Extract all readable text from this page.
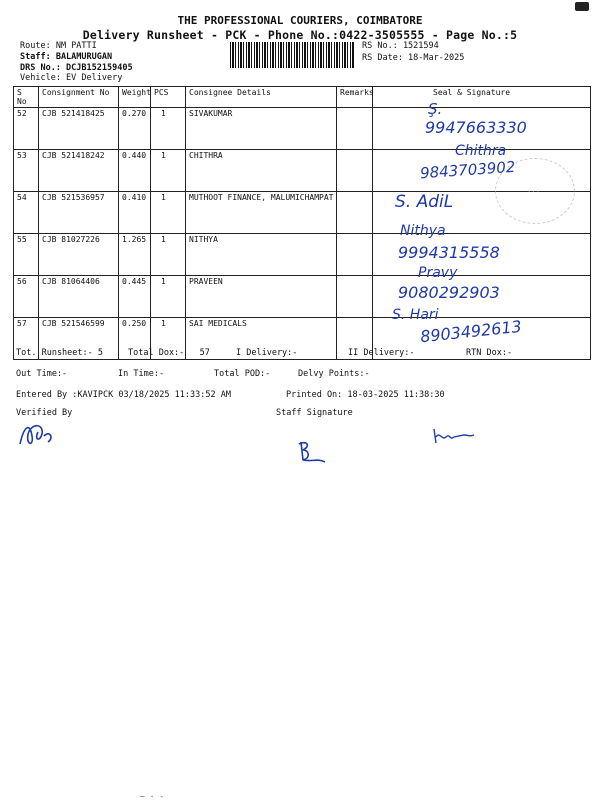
THE PROFESSIONAL COURIERS, COIMBATORE
Delivery Runsheet - PCK - Phone No.:0422-3505555 - Page No.:5
Route: NM PATTI
Staff: BALAMURUGAN
DRS No.: DCJB152159405
Vehicle: EV Delivery
RS No.: 1521594
RS Date: 18-Mar-2025
S No	Consignment No	Weight	PCS	Consignee Details	Remarks	Seal & Signature
52	CJB 521418425	0.270	1	SIVAKUMAR		
53	CJB 521418242	0.440	1	CHITHRA		
54	CJB 521536957	0.410	1	MUTHOOT FINANCE, MALUMICHAMPAT		
55	CJB 81027226	1.265	1	NITHYA		
56	CJB 81064406	0.445	1	PRAVEEN		
57	CJB 521546599	0.250	1	SAI MEDICALS		
Ş.
9947663330
Chithra
9843703902
· · ·
S. AdiL
Nithya
9994315558
Pravy
9080292903
S. Hari
8903492613
Tot. Runsheet:- 5	Total Dox:-   57	I Delivery:-	II Delivery:-	RTN Dox:-
Out Time:-	In Time:-	Total POD:-	Delvy Points:-
Entered By :KAVIPCK 03/18/2025 11:33:52 AM	Printed On: 18-03-2025 11:38:30
Verified By	Staff Signature
~ · -
